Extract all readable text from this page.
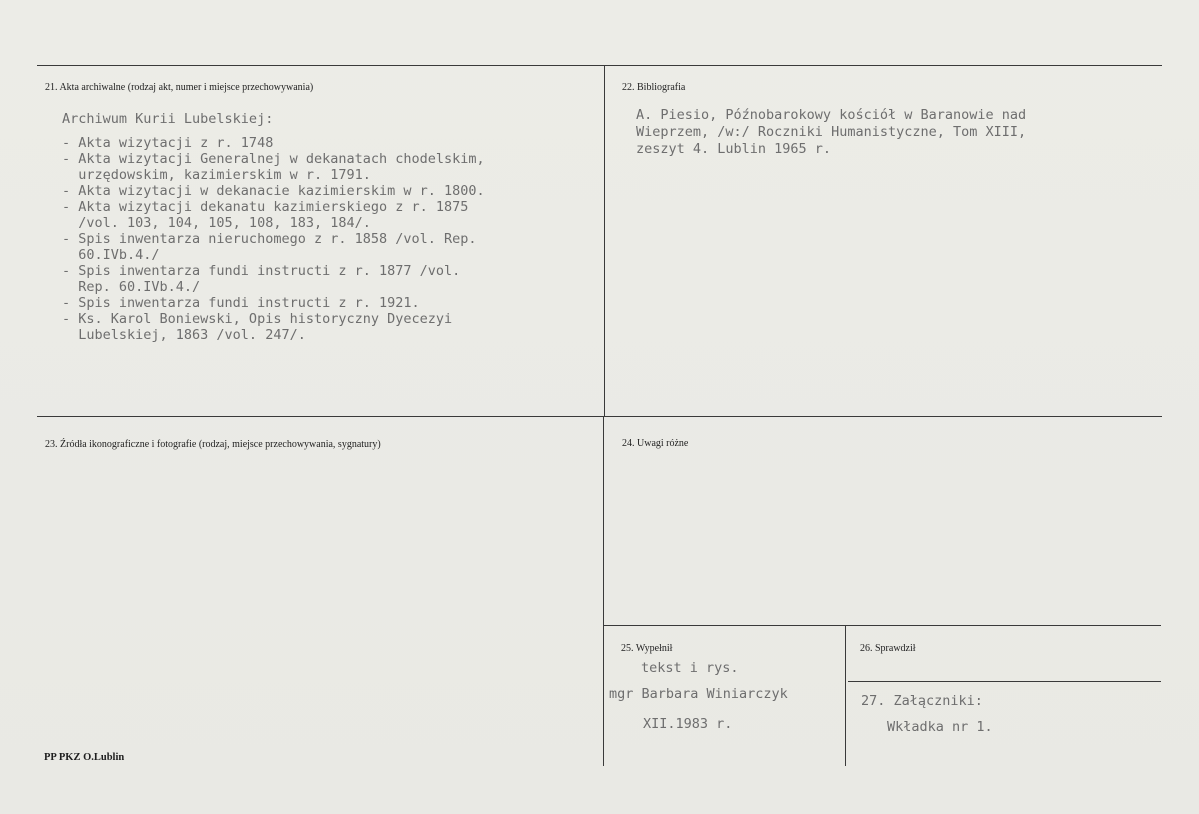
21. Akta archiwalne (rodzaj akt, numer i miejsce przechowywania)
Archiwum Kurii Lubelskiej:
- Akta wizytacji z r. 1748
- Akta wizytacji Generalnej w dekanatach chodelskim,
urzędowskim, kazimierskim w r. 1791.
- Akta wizytacji w dekanacie kazimierskim w r. 1800.
- Akta wizytacji dekanatu kazimierskiego z r. 1875
/vol. 103, 104, 105, 108, 183, 184/.
- Spis inwentarza nieruchomego z r. 1858 /vol. Rep.
60.IVb.4./
- Spis inwentarza fundi instructi z r. 1877 /vol.
Rep. 60.IVb.4./
- Spis inwentarza fundi instructi z r. 1921.
- Ks. Karol Boniewski, Opis historyczny Dyecezyi
Lubelskiej, 1863 /vol. 247/.
22. Bibliografia
A. Piesio, Późnobarokowy kościół w Baranowie nad
Wieprzem, /w:/ Roczniki Humanistyczne, Tom XIII,
zeszyt 4. Lublin 1965 r.
23. Źródła ikonograficzne i fotografie (rodzaj, miejsce przechowywania, sygnatury)	24. Uwagi różne
25. Wypełnił
tekst i rys.
mgr Barbara Winiarczyk
XII.1983 r.
26. Sprawdził
27. Załączniki:
Wkładka nr 1.
PP PKZ O.Lublin
